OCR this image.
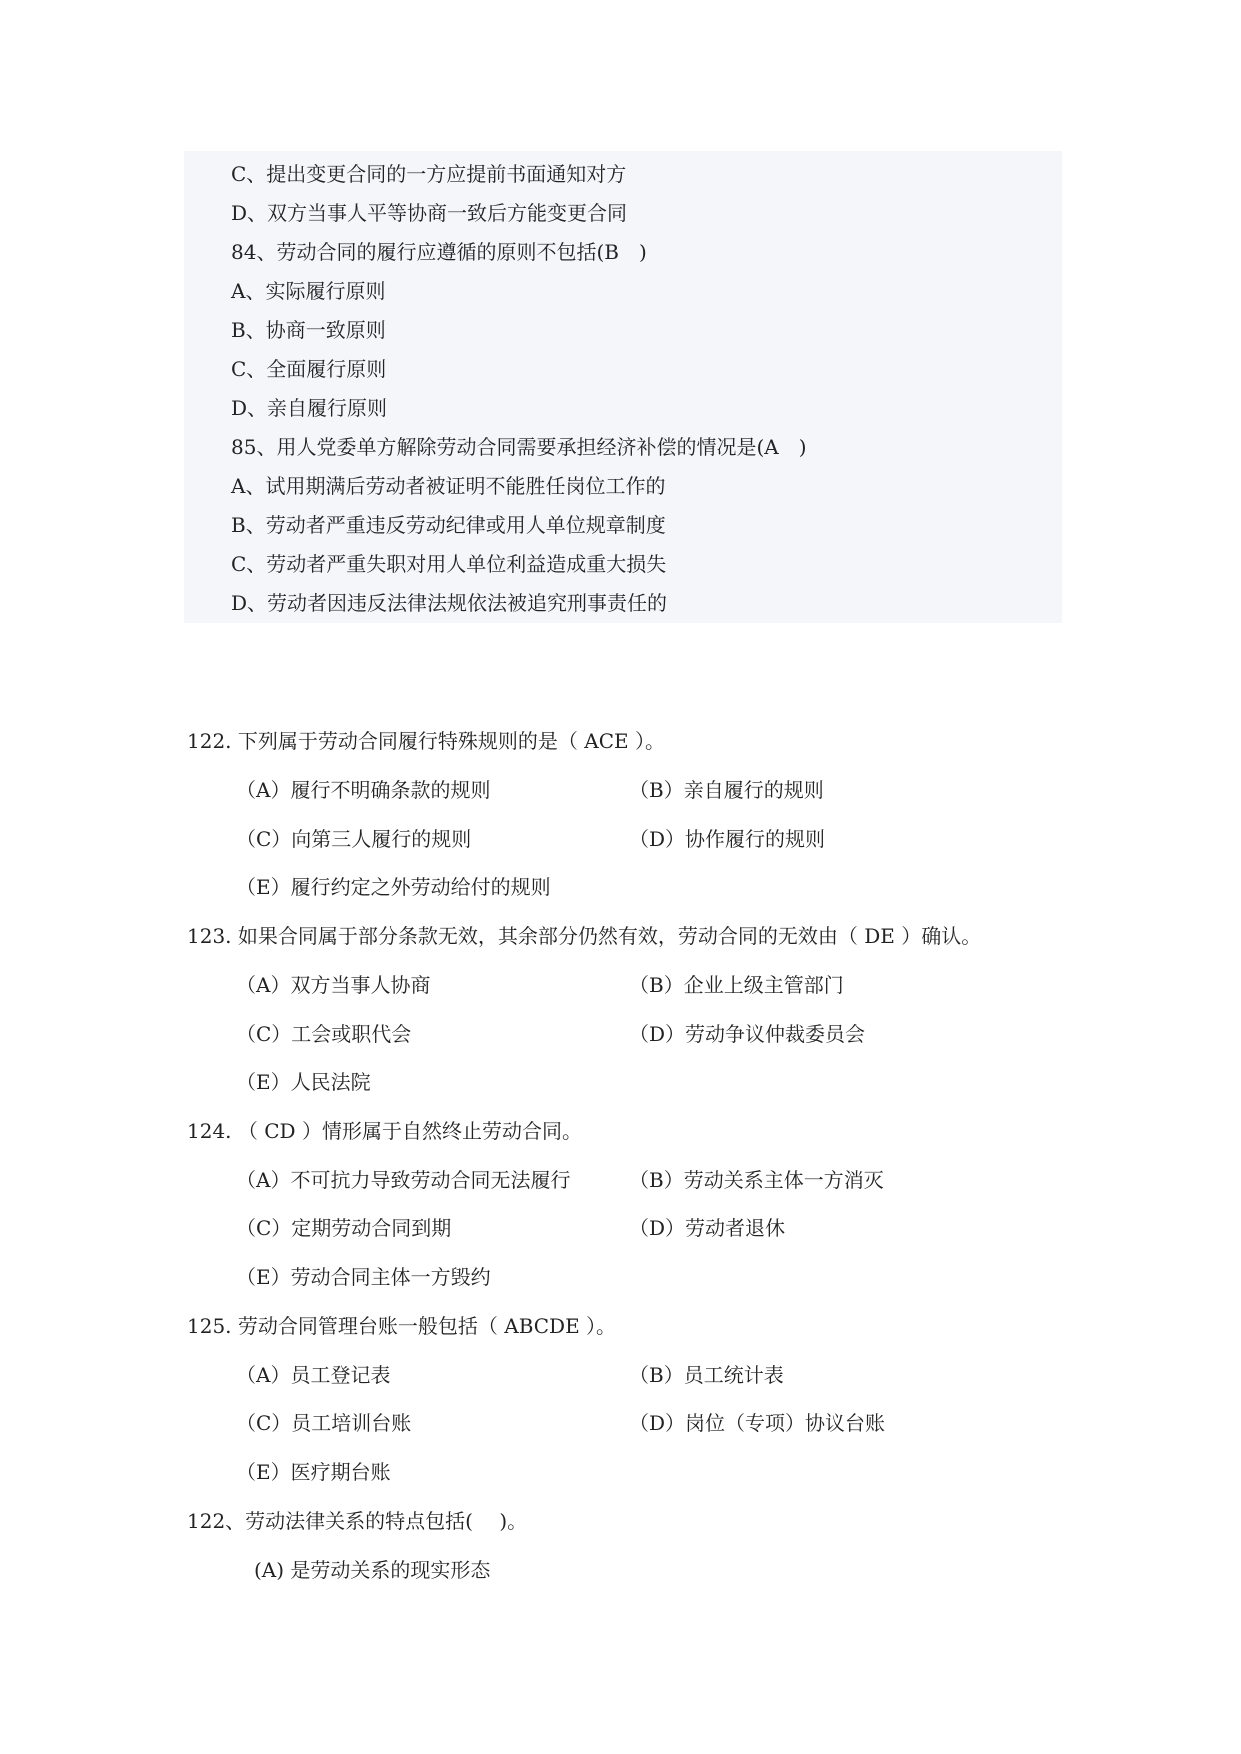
C、提出变更合同的一方应提前书面通知对方
D、双方当事人平等协商一致后方能变更合同
84、劳动合同的履行应遵循的原则不包括(B　)
A、实际履行原则
B、协商一致原则
C、全面履行原则
D、亲自履行原则
85、用人党委单方解除劳动合同需要承担经济补偿的情况是(A　)
A、试用期满后劳动者被证明不能胜任岗位工作的
B、劳动者严重违反劳动纪律或用人单位规章制度
C、劳动者严重失职对用人单位利益造成重大损失
D、劳动者因违反法律法规依法被追究刑事责任的
122. 下列属于劳动合同履行特殊规则的是（ ACE ）。
（A）履行不明确条款的规则	（B）亲自履行的规则
（C）向第三人履行的规则	（D）协作履行的规则
（E）履行约定之外劳动给付的规则
123. 如果合同属于部分条款无效，其余部分仍然有效，劳动合同的无效由（ DE ）确认。
（A）双方当事人协商	（B）企业上级主管部门
（C）工会或职代会	（D）劳动争议仲裁委员会
（E）人民法院
124. （ CD ）情形属于自然终止劳动合同。
（A）不可抗力导致劳动合同无法履行	（B）劳动关系主体一方消灭
（C）定期劳动合同到期	（D）劳动者退休
（E）劳动合同主体一方毁约
125. 劳动合同管理台账一般包括（ ABCDE ）。
（A）员工登记表	（B）员工统计表
（C）员工培训台账	（D）岗位（专项）协议台账
（E）医疗期台账
122、劳动法律关系的特点包括(　 )。
(A) 是劳动关系的现实形态
